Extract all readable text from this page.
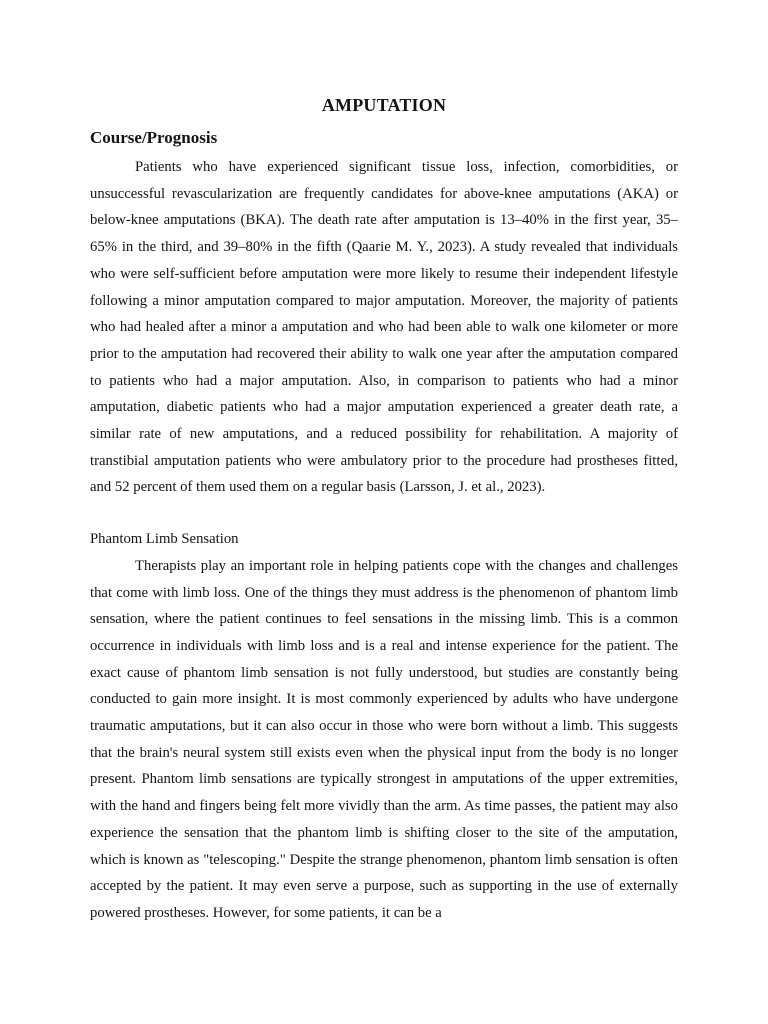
AMPUTATION
Course/Prognosis

Patients who have experienced significant tissue loss, infection, comorbidities, or unsuccessful revascularization are frequently candidates for above-knee amputations (AKA) or below-knee amputations (BKA). The death rate after amputation is 13–40% in the first year, 35–65% in the third, and 39–80% in the fifth (Qaarie M. Y., 2023). A study revealed that individuals who were self-sufficient before amputation were more likely to resume their independent lifestyle following a minor amputation compared to major amputation. Moreover, the majority of patients who had healed after a minor a amputation and who had been able to walk one kilometer or more prior to the amputation had recovered their ability to walk one year after the amputation compared to patients who had a major amputation. Also, in comparison to patients who had a minor amputation, diabetic patients who had a major amputation experienced a greater death rate, a similar rate of new amputations, and a reduced possibility for rehabilitation. A majority of transtibial amputation patients who were ambulatory prior to the procedure had prostheses fitted, and 52 percent of them used them on a regular basis (Larsson, J. et al., 2023).

Phantom Limb Sensation

Therapists play an important role in helping patients cope with the changes and challenges that come with limb loss. One of the things they must address is the phenomenon of phantom limb sensation, where the patient continues to feel sensations in the missing limb. This is a common occurrence in individuals with limb loss and is a real and intense experience for the patient. The exact cause of phantom limb sensation is not fully understood, but studies are constantly being conducted to gain more insight. It is most commonly experienced by adults who have undergone traumatic amputations, but it can also occur in those who were born without a limb. This suggests that the brain's neural system still exists even when the physical input from the body is no longer present. Phantom limb sensations are typically strongest in amputations of the upper extremities, with the hand and fingers being felt more vividly than the arm. As time passes, the patient may also experience the sensation that the phantom limb is shifting closer to the site of the amputation, which is known as "telescoping." Despite the strange phenomenon, phantom limb sensation is often accepted by the patient. It may even serve a purpose, such as supporting in the use of externally powered prostheses. However, for some patients, it can be a
